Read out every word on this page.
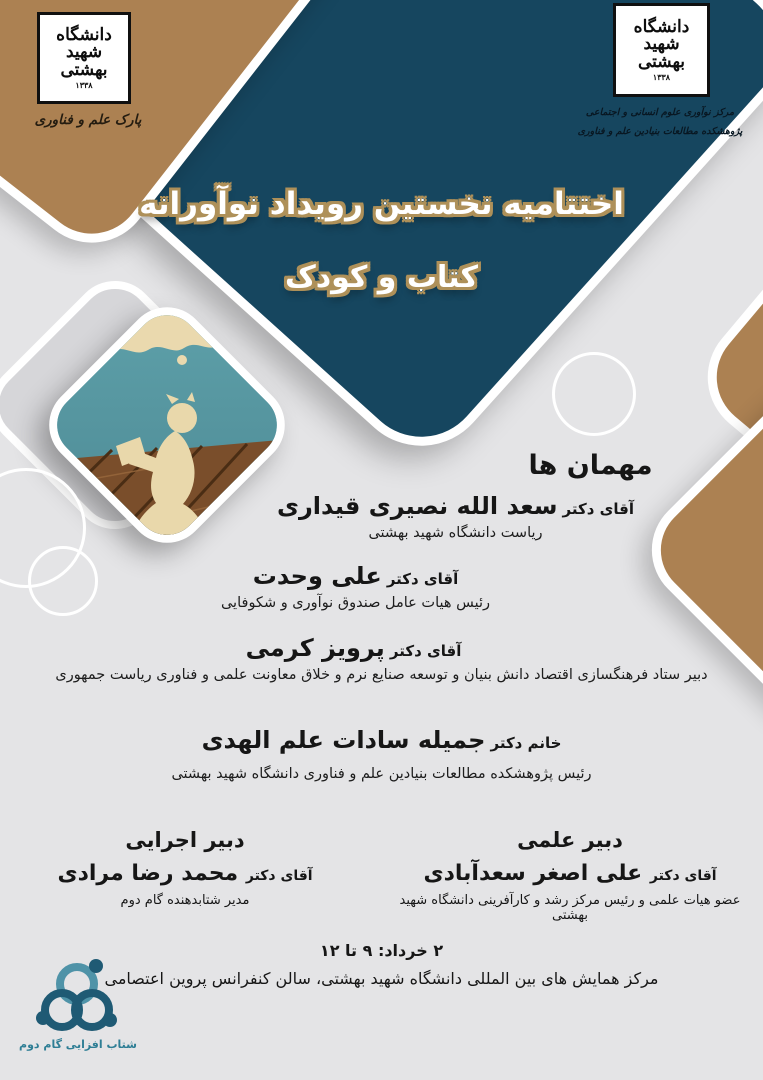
دانشگاه
شهید
بهشتی
۱۳۳۸
پارک علم و فناوری
دانشگاه
شهید
بهشتی
۱۳۳۸
مرکز نوآوری علوم انسانی و اجتماعی
پژوهشکده مطالعات بنیادین علم و فناوری
اختتامیه نخستین رویداد نوآورانه
کتاب و کودک
مهمان ها
آقای دکتر سعد الله نصیری قیداری
ریاست دانشگاه شهید بهشتی
آقای دکتر علی وحدت
رئیس هیات عامل صندوق نوآوری و شکوفایی
آقای دکتر پرویز کرمی
دبیر ستاد فرهنگسازی اقتصاد دانش بنیان و توسعه صنایع نرم و خلاق معاونت علمی و فناوری ریاست جمهوری
خانم دکتر جمیله سادات علم الهدی
رئیس پژوهشکده مطالعات بنیادین علم و فناوری دانشگاه شهید بهشتی
دبیر اجرایی
آقای دکتر محمد رضا مرادی
مدیر شتابدهنده گام دوم
دبیر علمی
آقای دکتر علی اصغر سعدآبادی
عضو هیات علمی و رئیس مرکز رشد و کارآفرینی دانشگاه شهید بهشتی
۲ خرداد: ۹ تا ۱۲
مرکز همایش های بین المللی دانشگاه شهید بهشتی، سالن کنفرانس پروین اعتصامی
شتاب افزایی گام دوم
